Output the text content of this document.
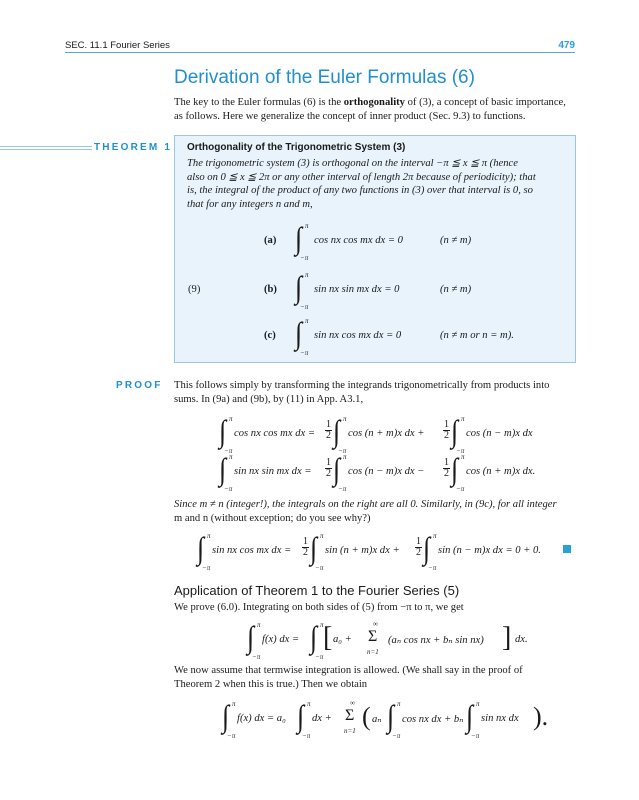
SEC. 11.1 Fourier Series	479
Derivation of the Euler Formulas (6)
The key to the Euler formulas (6) is the orthogonality of (3), a concept of basic importance,
as follows. Here we generalize the concept of inner product (Sec. 9.3) to functions.
THEOREM 1 Orthogonality of the Trigonometric System (3)
The trigonometric system (3) is orthogonal on the interval −π ≦ x ≦ π (hence
also on 0 ≦ x ≦ 2π or any other interval of length 2π because of periodicity); that
is, the integral of the product of any two functions in (3) over that interval is 0, so
that for any integers n and m,
(9)
(a)
π
∫
−π
cos nx cos mx dx = 0	(n ≠ m)
(b)
π
∫
−π
sin nx sin mx dx = 0	(n ≠ m)
(c)
π
∫
−π
sin nx cos mx dx = 0	(n ≠ m or n = m).
PROOF This follows simply by transforming the integrands trigonometrically from products into
sums. In (9a) and (9b), by (11) in App. A3.1,
π
∫
−π
cos nx cos mx dx = $\frac{1}{2}$
π
∫
−π
cos (n + m)x dx + $\frac{1}{2}$
π
∫
−π
cos (n − m)x dx
π
∫
−π
sin nx sin mx dx = $\frac{1}{2}$
π
∫
−π
cos (n − m)x dx − $\frac{1}{2}$
π
∫
−π
cos (n + m)x dx.
Since m ≠ n (integer!), the integrals on the right are all 0. Similarly, in (9c), for all integer
m and n (without exception; do you see why?)
π
∫
−π
sin nx cos mx dx = $\frac{1}{2}$
π
∫
−π
sin (n + m)x dx + $\frac{1}{2}$
π
∫
−π
sin (n − m)x dx = 0 + 0.
Application of Theorem 1 to the Fourier Series (5)
We prove (6.0). Integrating on both sides of (5) from −π to π, we get
π
∫
−π
f(x) dx =
π
∫
−π
[ a₀ +
∞
Σ
n=1
(aₙ cos nx + bₙ sin nx) ] dx.
We now assume that termwise integration is allowed. (We shall say in the proof of
Theorem 2 when this is true.) Then we obtain
π
∫
−π
f(x) dx = a₀
π
∫
−π
dx +
∞
Σ
n=1 ( aₙ
π
∫
−π
cos nx dx + bₙ
π
∫
−π
sin nx dx ).
